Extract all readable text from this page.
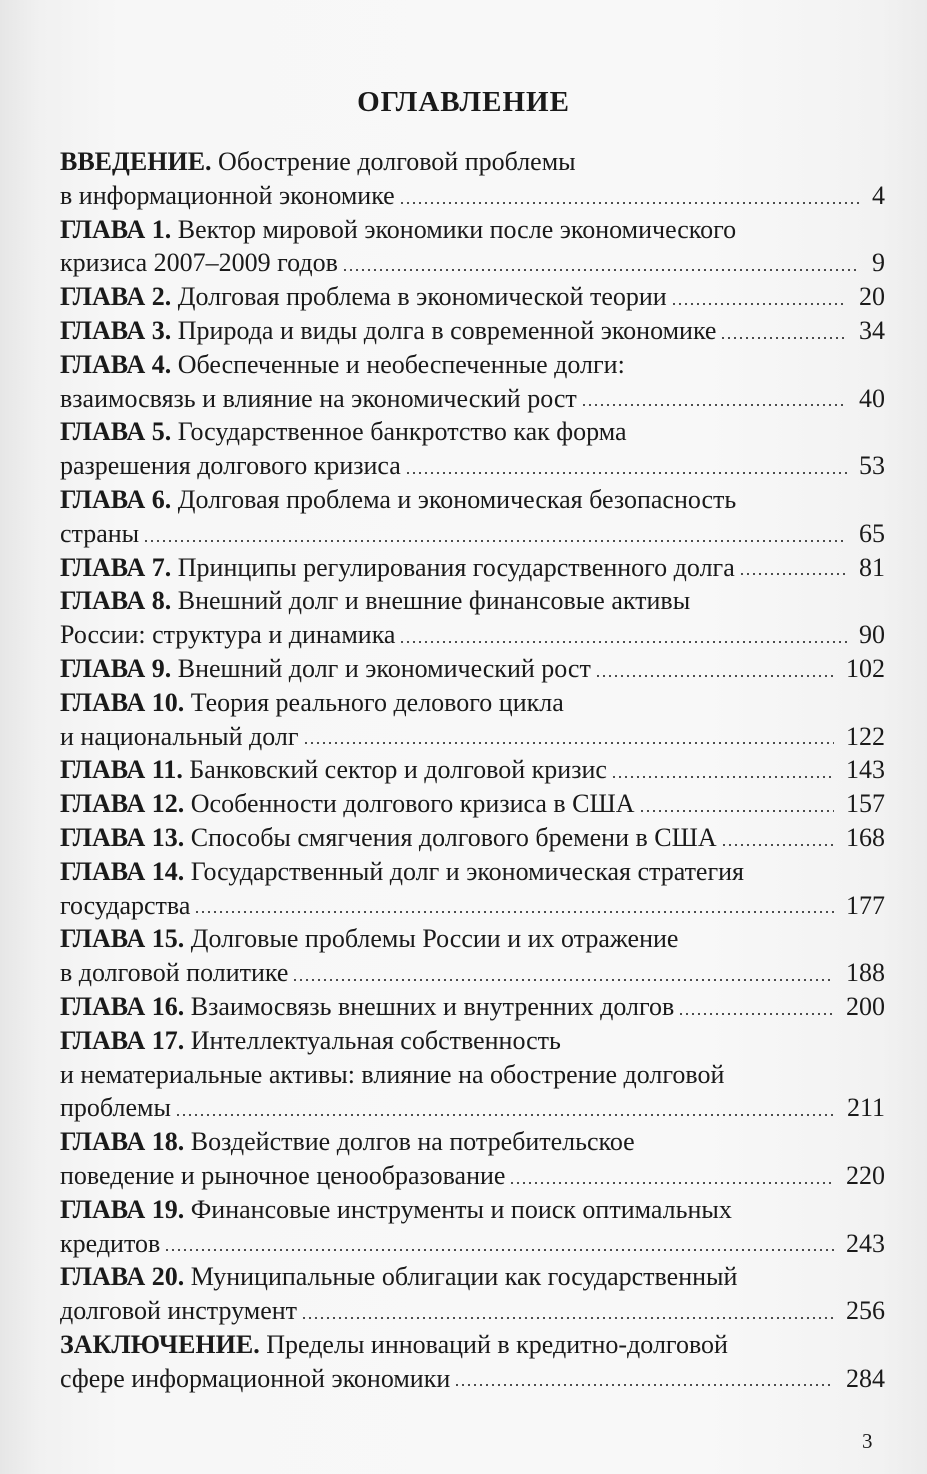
ОГЛАВЛЕНИЕ
ВВЕДЕНИЕ. Обострение долговой проблемы
в информационной экономике	4
ГЛАВА 1. Вектор мировой экономики после экономического
кризиса 2007–2009 годов	9
ГЛАВА 2. Долговая проблема в экономической теории	20
ГЛАВА 3. Природа и виды долга в современной экономике	34
ГЛАВА 4. Обеспеченные и необеспеченные долги:
взаимосвязь и влияние на экономический рост	40
ГЛАВА 5. Государственное банкротство как форма
разрешения долгового кризиса	53
ГЛАВА 6. Долговая проблема и экономическая безопасность
страны	65
ГЛАВА 7. Принципы регулирования государственного долга	81
ГЛАВА 8. Внешний долг и внешние финансовые активы
России: структура и динамика	90
ГЛАВА 9. Внешний долг и экономический рост	102
ГЛАВА 10. Теория реального делового цикла
и национальный долг	122
ГЛАВА 11. Банковский сектор и долговой кризис	143
ГЛАВА 12. Особенности долгового кризиса в США	157
ГЛАВА 13. Способы смягчения долгового бремени в США	168
ГЛАВА 14. Государственный долг и экономическая стратегия
государства	177
ГЛАВА 15. Долговые проблемы России и их отражение
в долговой политике	188
ГЛАВА 16. Взаимосвязь внешних и внутренних долгов	200
ГЛАВА 17. Интеллектуальная собственность
и нематериальные активы: влияние на обострение долговой
проблемы	211
ГЛАВА 18. Воздействие долгов на потребительское
поведение и рыночное ценообразование	220
ГЛАВА 19. Финансовые инструменты и поиск оптимальных
кредитов	243
ГЛАВА 20. Муниципальные облигации как государственный
долговой инструмент	256
ЗАКЛЮЧЕНИЕ. Пределы инноваций в кредитно-долговой
сфере информационной экономики	284
3
